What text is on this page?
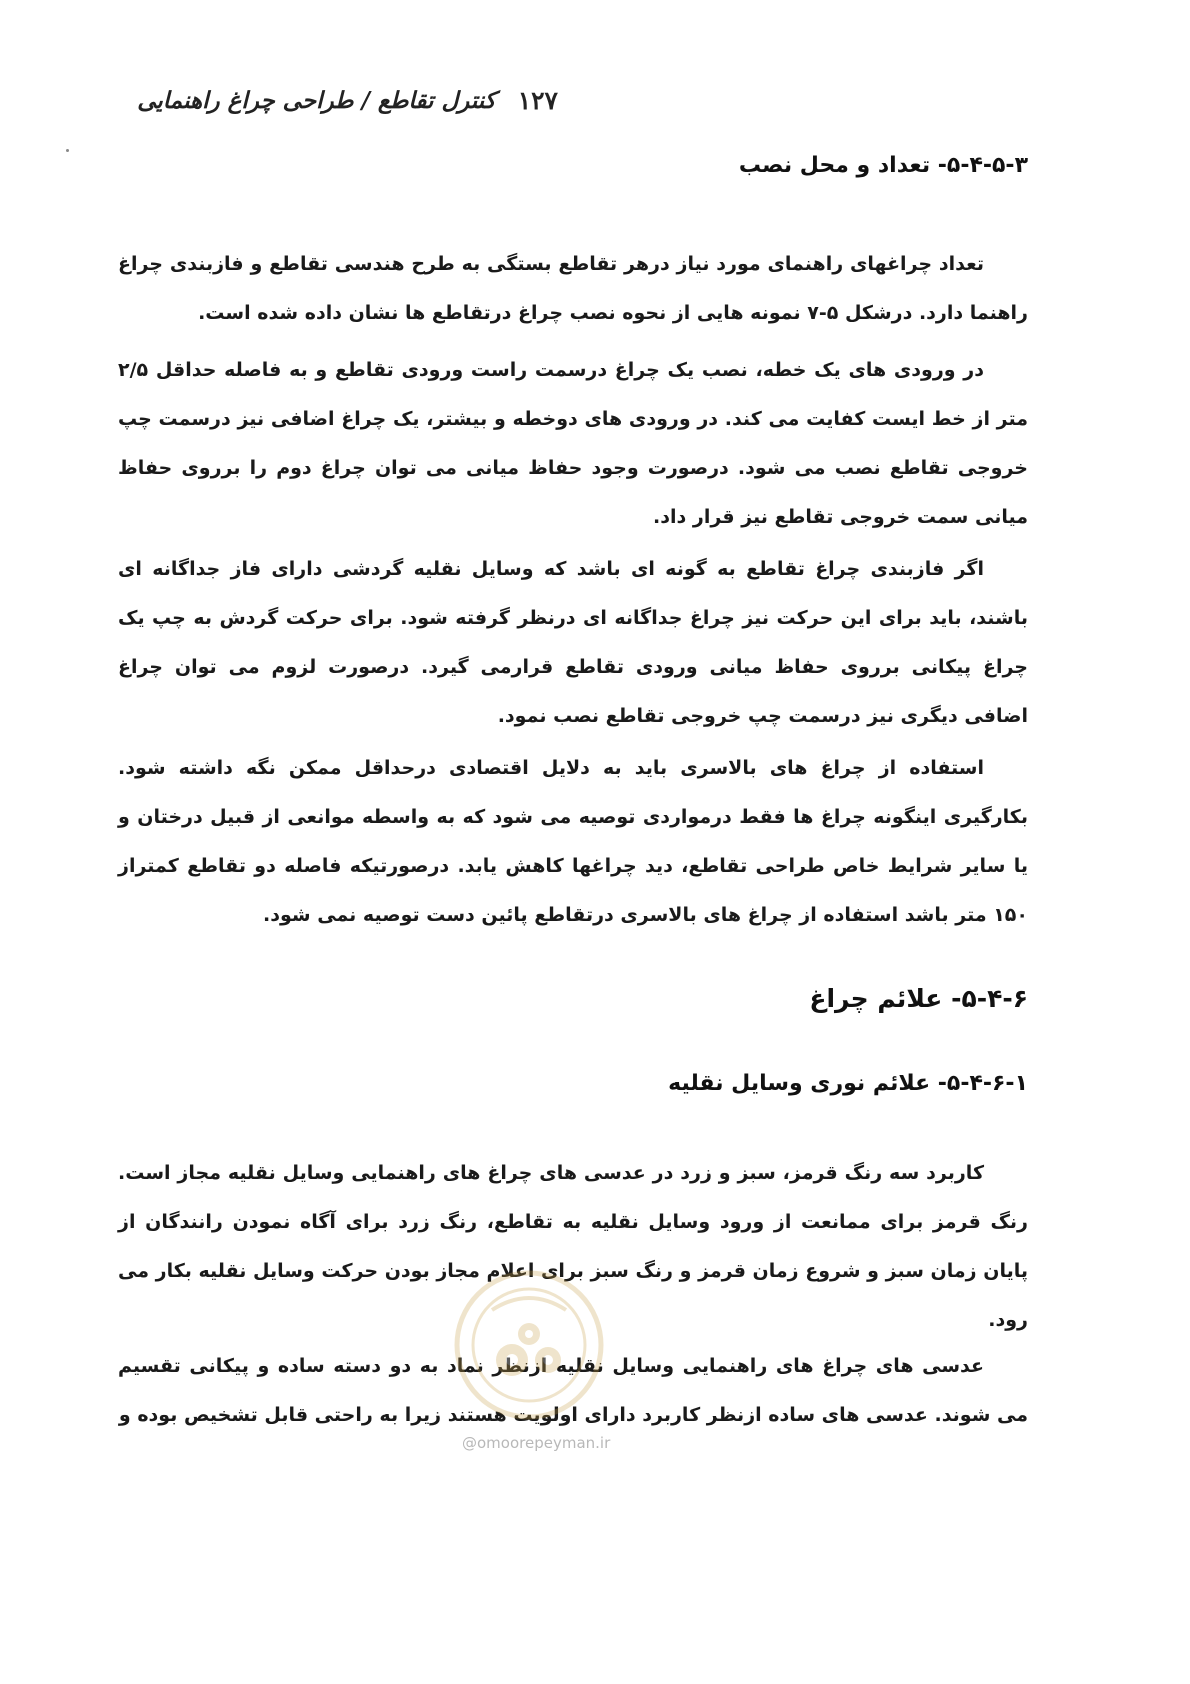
۱۲۷
کنترل تقاطع / طراحی چراغ راهنمایی
۵-۴-۵-۳- تعداد و محل نصب

تعداد چراغهای راهنمای مورد نیاز درهر تقاطع بستگی به طرح هندسی تقاطع و فازبندی چراغ راهنما دارد. درشکل ۵-۷ نمونه هایی از نحوه نصب چراغ درتقاطع ها نشان داده شده است.

در ورودی های یک خطه، نصب یک چراغ درسمت راست ورودی تقاطع و به فاصله حداقل ۲/۵ متر از خط ایست کفایت می کند. در ورودی های دوخطه و بیشتر، یک چراغ اضافی نیز درسمت چپ خروجی تقاطع نصب می شود. درصورت وجود حفاظ میانی می توان چراغ دوم را برروی حفاظ میانی سمت خروجی تقاطع نیز قرار داد.

اگر فازبندی چراغ تقاطع به گونه ای باشد که وسایل نقلیه گردشی دارای فاز جداگانه ای باشند، باید برای این حرکت نیز چراغ جداگانه ای درنظر گرفته شود. برای حرکت گردش به چپ یک چراغ پیکانی برروی حفاظ میانی ورودی تقاطع قرارمی گیرد. درصورت لزوم می توان چراغ اضافی دیگری نیز درسمت چپ خروجی تقاطع نصب نمود.

استفاده از چراغ های بالاسری باید به دلایل اقتصادی درحداقل ممکن نگه داشته شود. بکارگیری اینگونه چراغ ها فقط درمواردی توصیه می شود که به واسطه موانعی از قبیل درختان و یا سایر شرایط خاص طراحی تقاطع، دید چراغها کاهش یابد. درصورتیکه فاصله دو تقاطع کمتراز ۱۵۰ متر باشد استفاده از چراغ های بالاسری درتقاطع پائین دست توصیه نمی شود.

۵-۴-۶- علائم چراغ
۵-۴-۶-۱- علائم نوری وسایل نقلیه

کاربرد سه رنگ قرمز، سبز و زرد در عدسی های چراغ های راهنمایی وسایل نقلیه مجاز است. رنگ قرمز برای ممانعت از ورود وسایل نقلیه به تقاطع، رنگ زرد برای آگاه نمودن رانندگان از پایان زمان سبز و شروع زمان قرمز و رنگ سبز برای اعلام مجاز بودن حرکت وسایل نقلیه بکار می رود.

عدسی های چراغ های راهنمایی وسایل نقلیه ازنظر نماد به دو دسته ساده و پیکانی تقسیم می شوند. عدسی های ساده ازنظر کاربرد دارای اولویت هستند زیرا به راحتی قابل تشخیص بوده و

@omoorepeyman.ir
